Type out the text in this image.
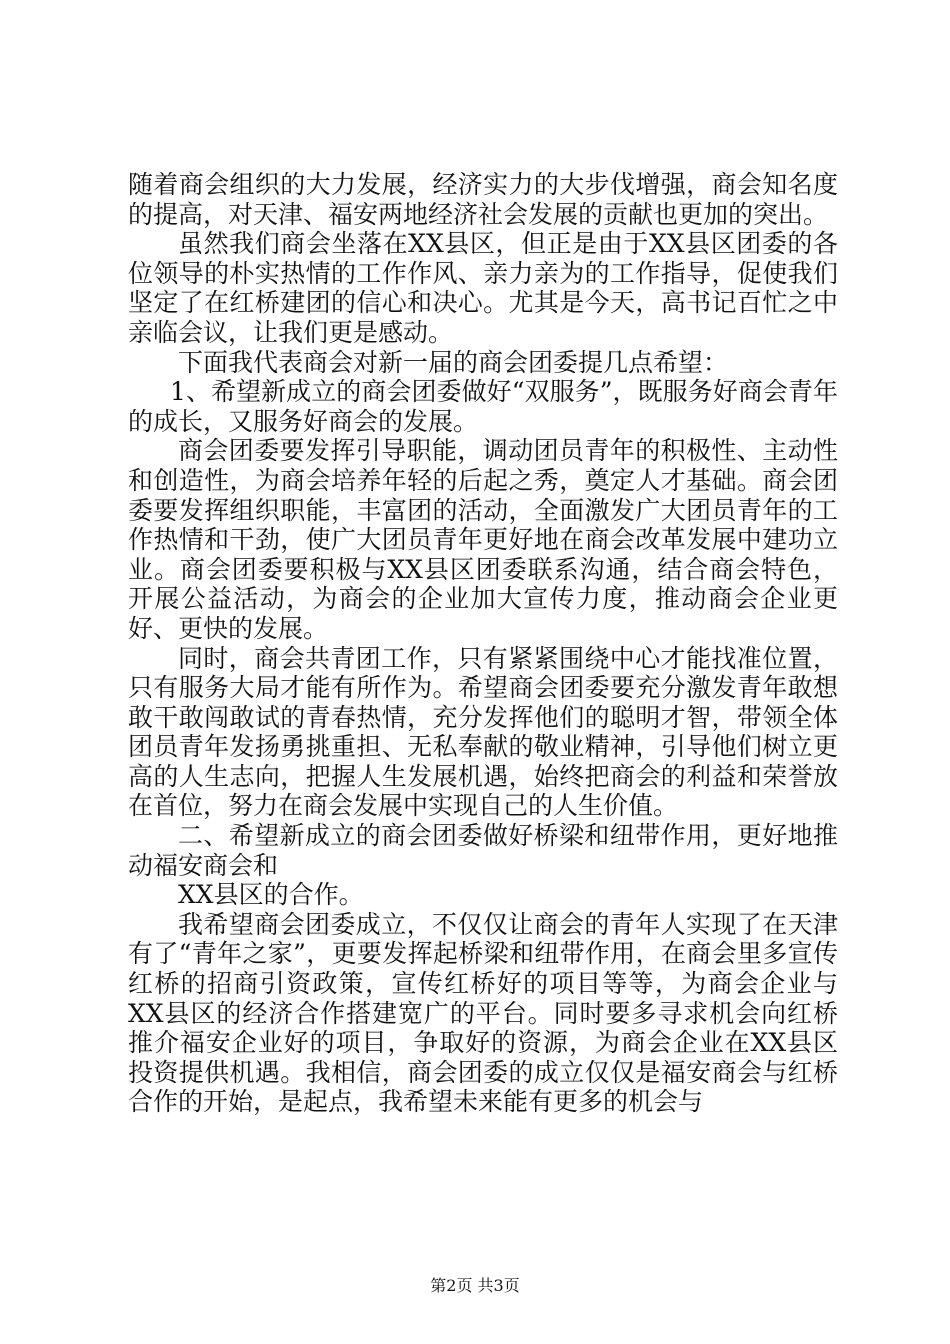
随着商会组织的大力发展，经济实力的大步伐增强，商会知名度的提高，对天津、福安两地经济社会发展的贡献也更加的突出。

虽然我们商会坐落在XX县区，但正是由于XX县区团委的各位领导的朴实热情的工作作风、亲力亲为的工作指导，促使我们坚定了在红桥建团的信心和决心。尤其是今天，高书记百忙之中亲临会议，让我们更是感动。

下面我代表商会对新一届的商会团委提几点希望：

1、希望新成立的商会团委做好“双服务”，既服务好商会青年的成长，又服务好商会的发展。

商会团委要发挥引导职能，调动团员青年的积极性、主动性和创造性，为商会培养年轻的后起之秀，奠定人才基础。商会团委要发挥组织职能，丰富团的活动，全面激发广大团员青年的工作热情和干劲，使广大团员青年更好地在商会改革发展中建功立业。商会团委要积极与XX县区团委联系沟通，结合商会特色，开展公益活动，为商会的企业加大宣传力度，推动商会企业更好、更快的发展。

同时，商会共青团工作，只有紧紧围绕中心才能找准位置，只有服务大局才能有所作为。希望商会团委要充分激发青年敢想敢干敢闯敢试的青春热情，充分发挥他们的聪明才智，带领全体团员青年发扬勇挑重担、无私奉献的敬业精神，引导他们树立更高的人生志向，把握人生发展机遇，始终把商会的利益和荣誉放在首位，努力在商会发展中实现自己的人生价值。

二、希望新成立的商会团委做好桥梁和纽带作用，更好地推动福安商会和

XX县区的合作。

我希望商会团委成立，不仅仅让商会的青年人实现了在天津有了“青年之家”，更要发挥起桥梁和纽带作用，在商会里多宣传红桥的招商引资政策，宣传红桥好的项目等等，为商会企业与XX县区的经济合作搭建宽广的平台。同时要多寻求机会向红桥推介福安企业好的项目，争取好的资源，为商会企业在XX县区投资提供机遇。我相信，商会团委的成立仅仅是福安商会与红桥合作的开始，是起点，我希望未来能有更多的机会与

第2页 共3页
